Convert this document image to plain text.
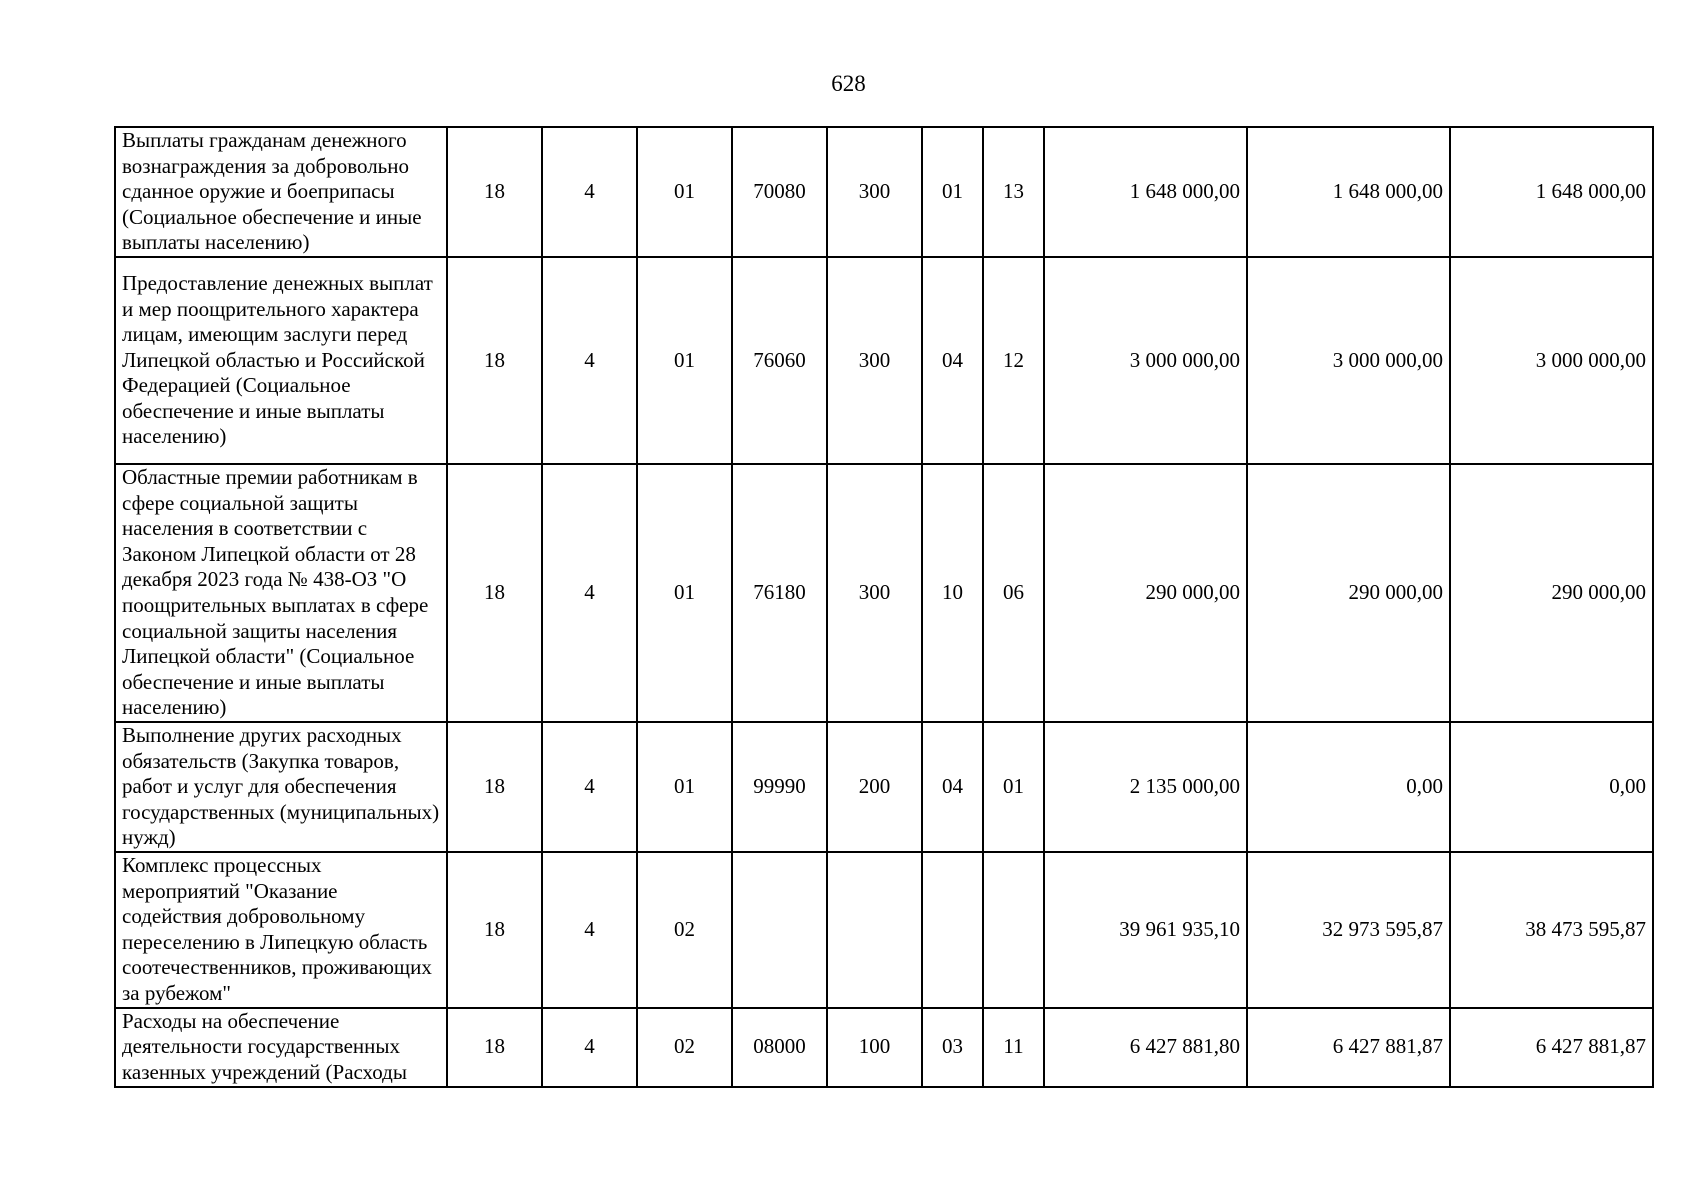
628
Выплаты гражданам денежного вознаграждения за добровольно сданное оружие и боеприпасы (Социальное обеспечение и иные выплаты населению)	18	4	01	70080	300	01	13	1 648 000,00	1 648 000,00	1 648 000,00
Предоставление денежных выплат и мер поощрительного характера лицам, имеющим заслуги перед Липецкой областью и Российской Федерацией (Социальное обеспечение и иные выплаты населению)	18	4	01	76060	300	04	12	3 000 000,00	3 000 000,00	3 000 000,00
Областные премии работникам в сфере социальной защиты населения в соответствии с Законом Липецкой области от 28 декабря 2023 года № 438-ОЗ "О поощрительных выплатах в сфере социальной защиты населения Липецкой области" (Социальное обеспечение и иные выплаты населению)	18	4	01	76180	300	10	06	290 000,00	290 000,00	290 000,00
Выполнение других расходных обязательств (Закупка товаров, работ и услуг для обеспечения государственных (муниципальных) нужд)	18	4	01	99990	200	04	01	2 135 000,00	0,00	0,00
Комплекс процессных мероприятий "Оказание содействия добровольному переселению в Липецкую область соотечественников, проживающих за рубежом"	18	4	02					39 961 935,10	32 973 595,87	38 473 595,87
Расходы на обеспечение деятельности государственных казенных учреждений (Расходы	18	4	02	08000	100	03	11	6 427 881,80	6 427 881,87	6 427 881,87
